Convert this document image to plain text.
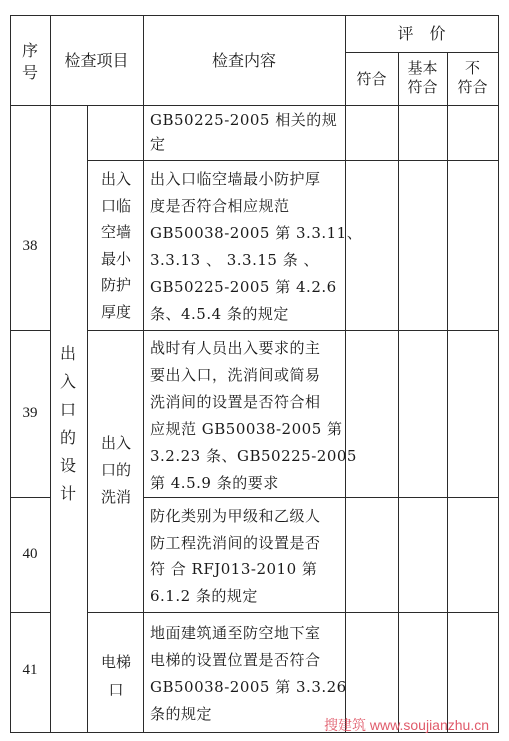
序
号
检查项目	检查内容
评　价
符合
基本
符合
不
符合
出
入
口
的
设
计
GB50225-2005 相关的规
定
38
出入
口临
空墙
最小
防护
厚度
出入口临空墙最小防护厚
度是否符合相应规范
GB50038-2005 第 3.3.11、
3.3.13 、 3.3.15 条 、
GB50225-2005 第 4.2.6
条、4.5.4 条的规定
39
出入
口的
洗消
战时有人员出入要求的主
要出入口，洗消间或简易
洗消间的设置是否符合相
应规范 GB50038-2005 第
3.2.23 条、GB50225-2005
第 4.5.9 条的要求
40
防化类别为甲级和乙级人
防工程洗消间的设置是否
符 合 RFJ013-2010 第
6.1.2 条的规定
41	电梯
口
地面建筑通至防空地下室
电梯的设置位置是否符合
GB50038-2005 第 3.3.26
条的规定
搜建筑 www.soujianzhu.cn
